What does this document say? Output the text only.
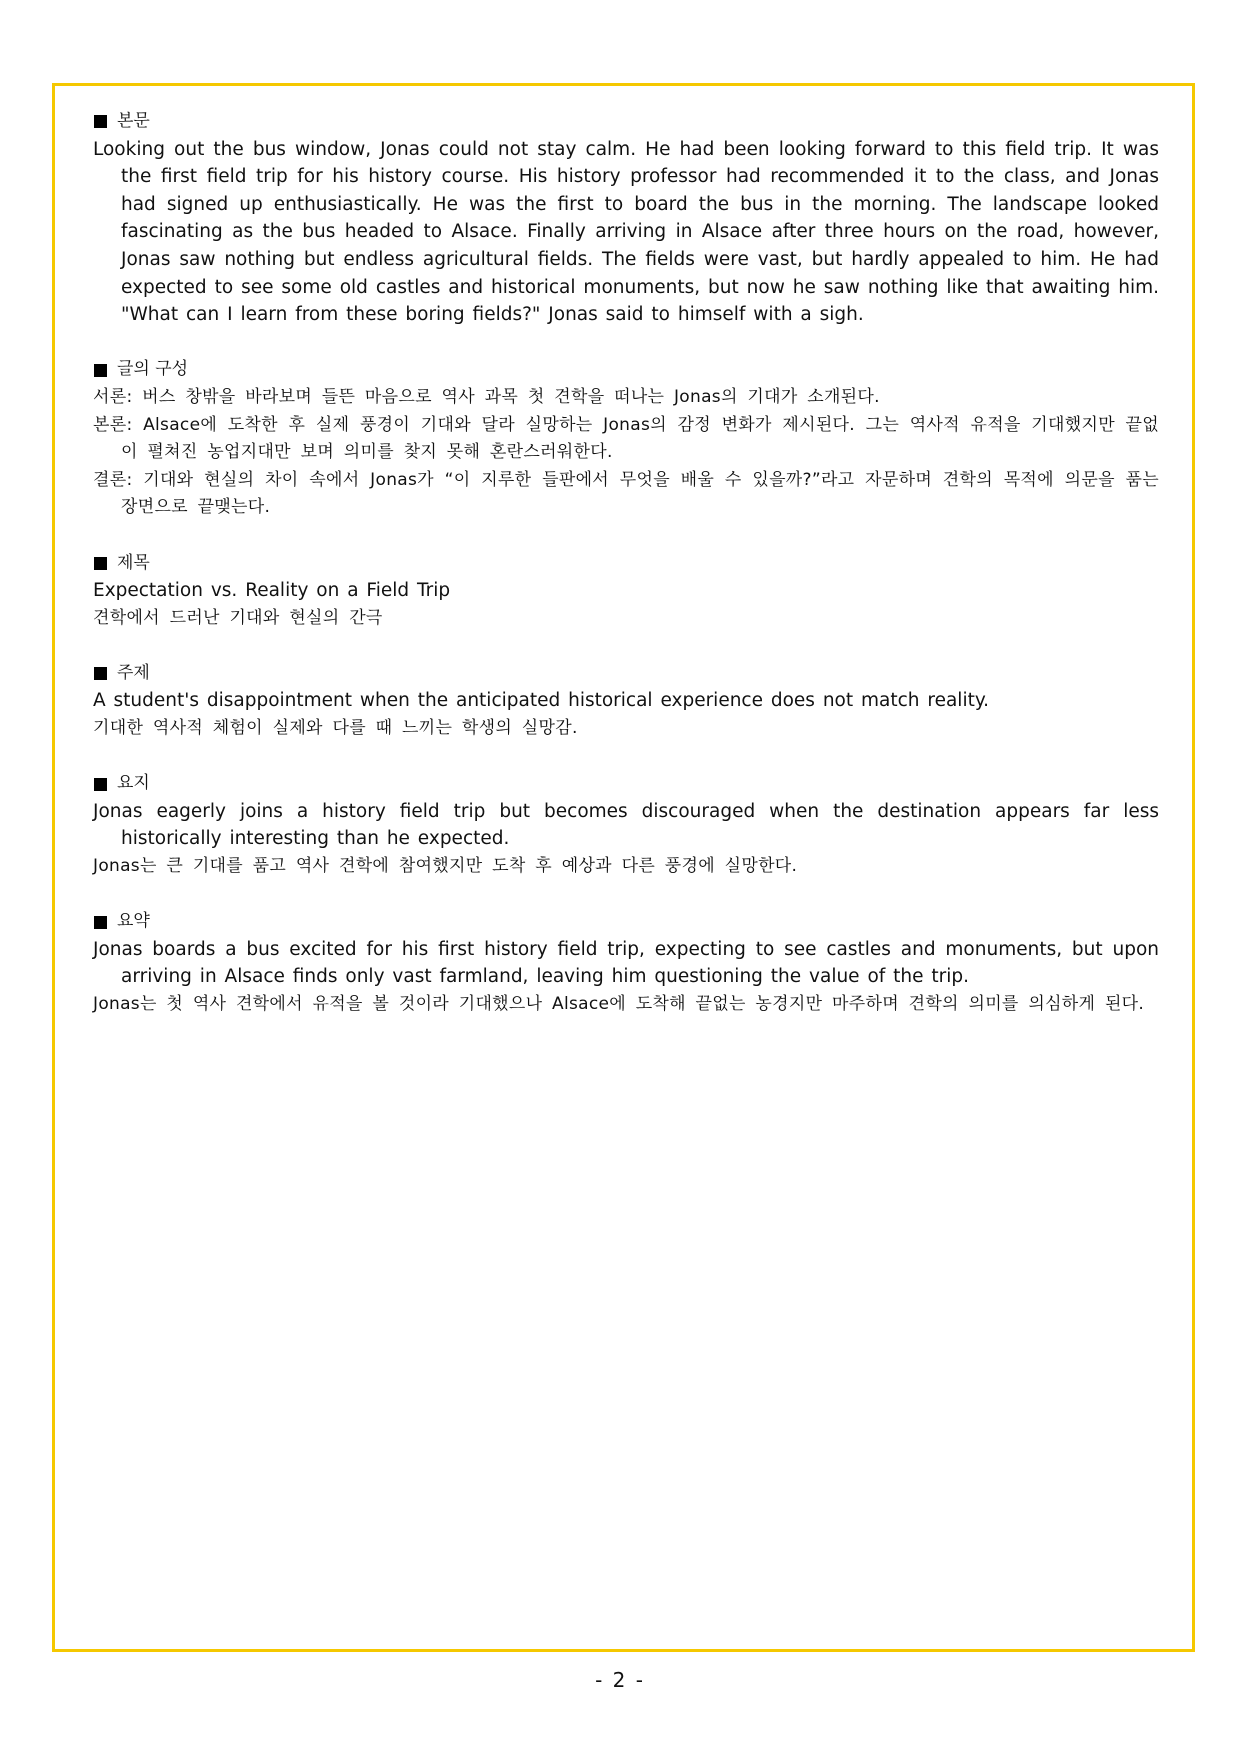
본문

Looking out the bus window, Jonas could not stay calm. He had been looking forward to this field trip. It was the first field trip for his history course. His history professor had recommended it to the class, and Jonas had signed up enthusiastically. He was the first to board the bus in the morning. The landscape looked fascinating as the bus headed to Alsace. Finally arriving in Alsace after three hours on the road, however, Jonas saw nothing but endless agricultural fields. The fields were vast, but hardly appealed to him. He had expected to see some old castles and historical monuments, but now he saw nothing like that awaiting him. "What can I learn from these boring fields?" Jonas said to himself with a sigh.

글의 구성

서론: 버스 창밖을 바라보며 들뜬 마음으로 역사 과목 첫 견학을 떠나는 Jonas의 기대가 소개된다.

본론: Alsace에 도착한 후 실제 풍경이 기대와 달라 실망하는 Jonas의 감정 변화가 제시된다. 그는 역사적 유적을 기대했지만 끝없이 펼쳐진 농업지대만 보며 의미를 찾지 못해 혼란스러워한다.

결론: 기대와 현실의 차이 속에서 Jonas가 “이 지루한 들판에서 무엇을 배울 수 있을까?”라고 자문하며 견학의 목적에 의문을 품는 장면으로 끝맺는다.

제목

Expectation vs. Reality on a Field Trip

견학에서 드러난 기대와 현실의 간극

주제

A student's disappointment when the anticipated historical experience does not match reality.

기대한 역사적 체험이 실제와 다를 때 느끼는 학생의 실망감.

요지

Jonas eagerly joins a history field trip but becomes discouraged when the destination appears far less historically interesting than he expected.

Jonas는 큰 기대를 품고 역사 견학에 참여했지만 도착 후 예상과 다른 풍경에 실망한다.

요약

Jonas boards a bus excited for his first history field trip, expecting to see castles and monuments, but upon arriving in Alsace finds only vast farmland, leaving him questioning the value of the trip.

Jonas는 첫 역사 견학에서 유적을 볼 것이라 기대했으나 Alsace에 도착해 끝없는 농경지만 마주하며 견학의 의미를 의심하게 된다.

- 2 -
